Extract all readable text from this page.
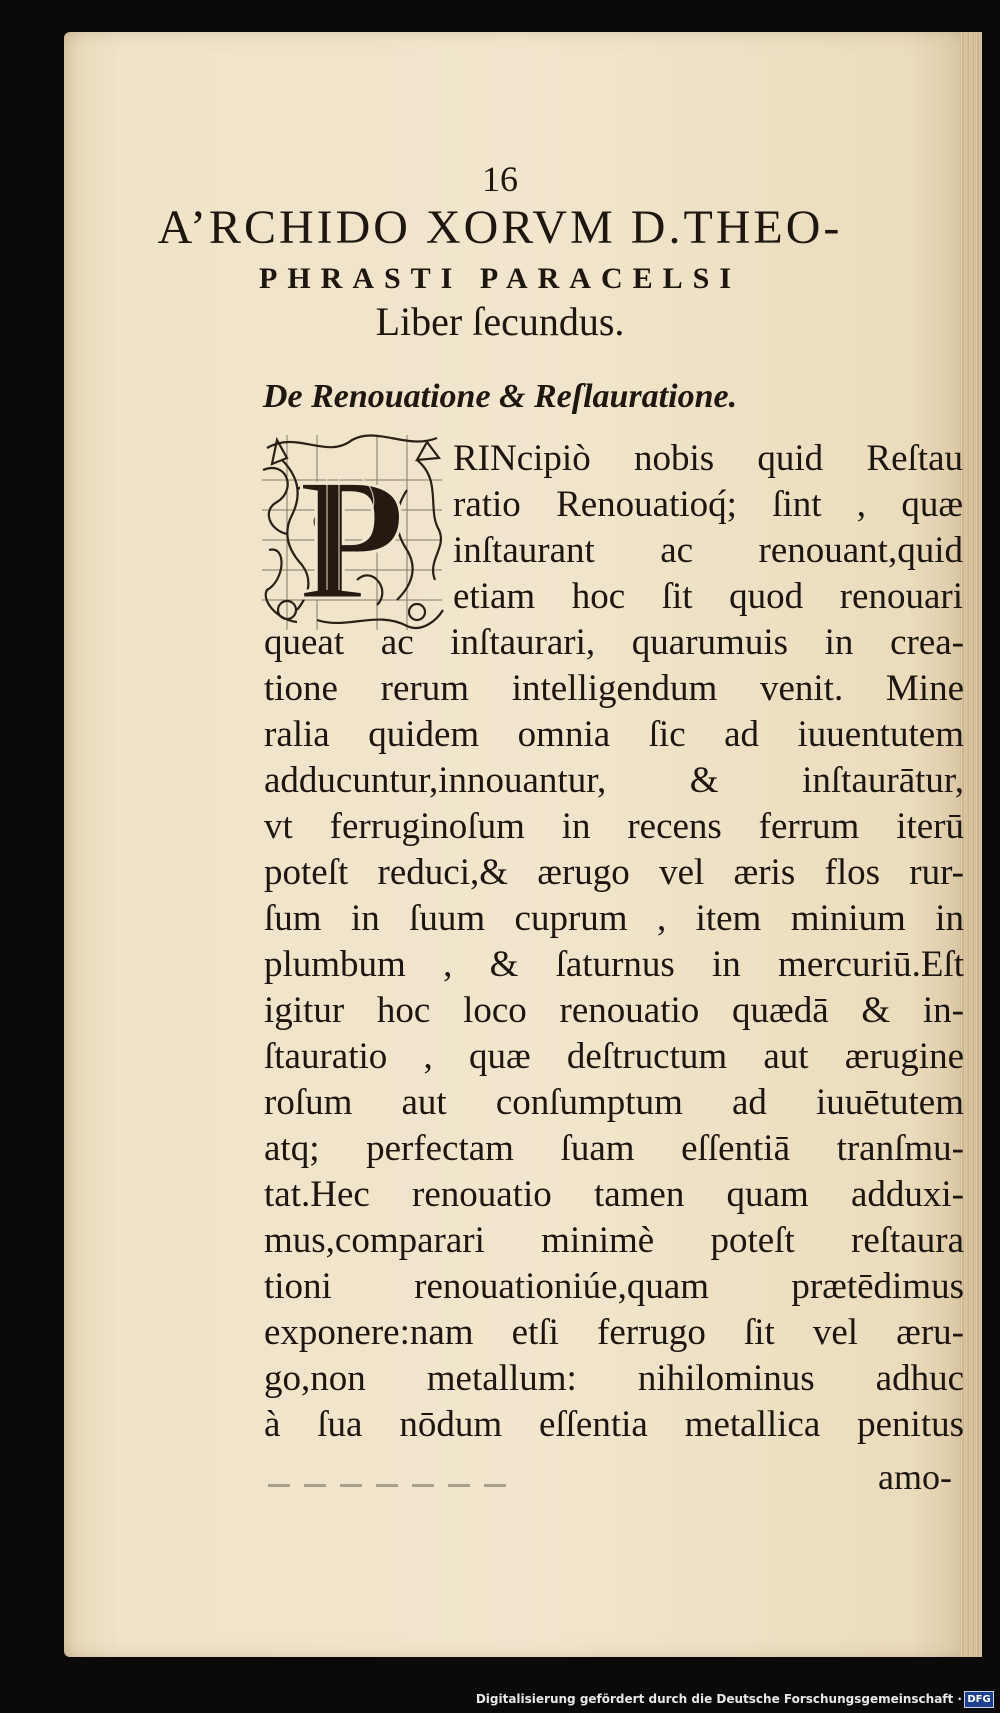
16
A’RCHIDO XORVM D.THEO-
PHRASTI PARACELSI
Liber ſecundus.
De Renouatione & Reſlauratione.
P RINcipiò nobis quid Reſtau
ratio Renouatioq́; ſint , quæ
inſtaurant ac renouant,quid
etiam hoc ſit quod renouari
queat ac inſtaurari, quarumuis in crea-
tione rerum intelligendum venit. Mine
ralia quidem omnia ſic ad iuuentutem
adducuntur,innouantur, & inſtaurātur,
vt ferruginoſum in recens ferrum iterū
poteſt reduci,& ærugo vel æris flos rur-
ſum in ſuum cuprum , item minium in
plumbum , & ſaturnus in mercuriū.Eſt
igitur hoc loco renouatio quædā & in-
ſtauratio , quæ deſtructum aut ærugine
roſum aut conſumptum ad iuuētutem
atq; perfectam ſuam eſſentiā tranſmu-
tat.Hec renouatio tamen quam adduxi-
mus,comparari minimè poteſt reſtaura
tioni renouationiúe,quam prætēdimus
exponere:nam etſi ferrugo ſit vel æru-
go,non metallum: nihilominus adhuc
à ſua nōdum eſſentia metallica penitus
amo-
Digitalisierung gefördert durch die Deutsche Forschungsgemeinschaft · DFG
